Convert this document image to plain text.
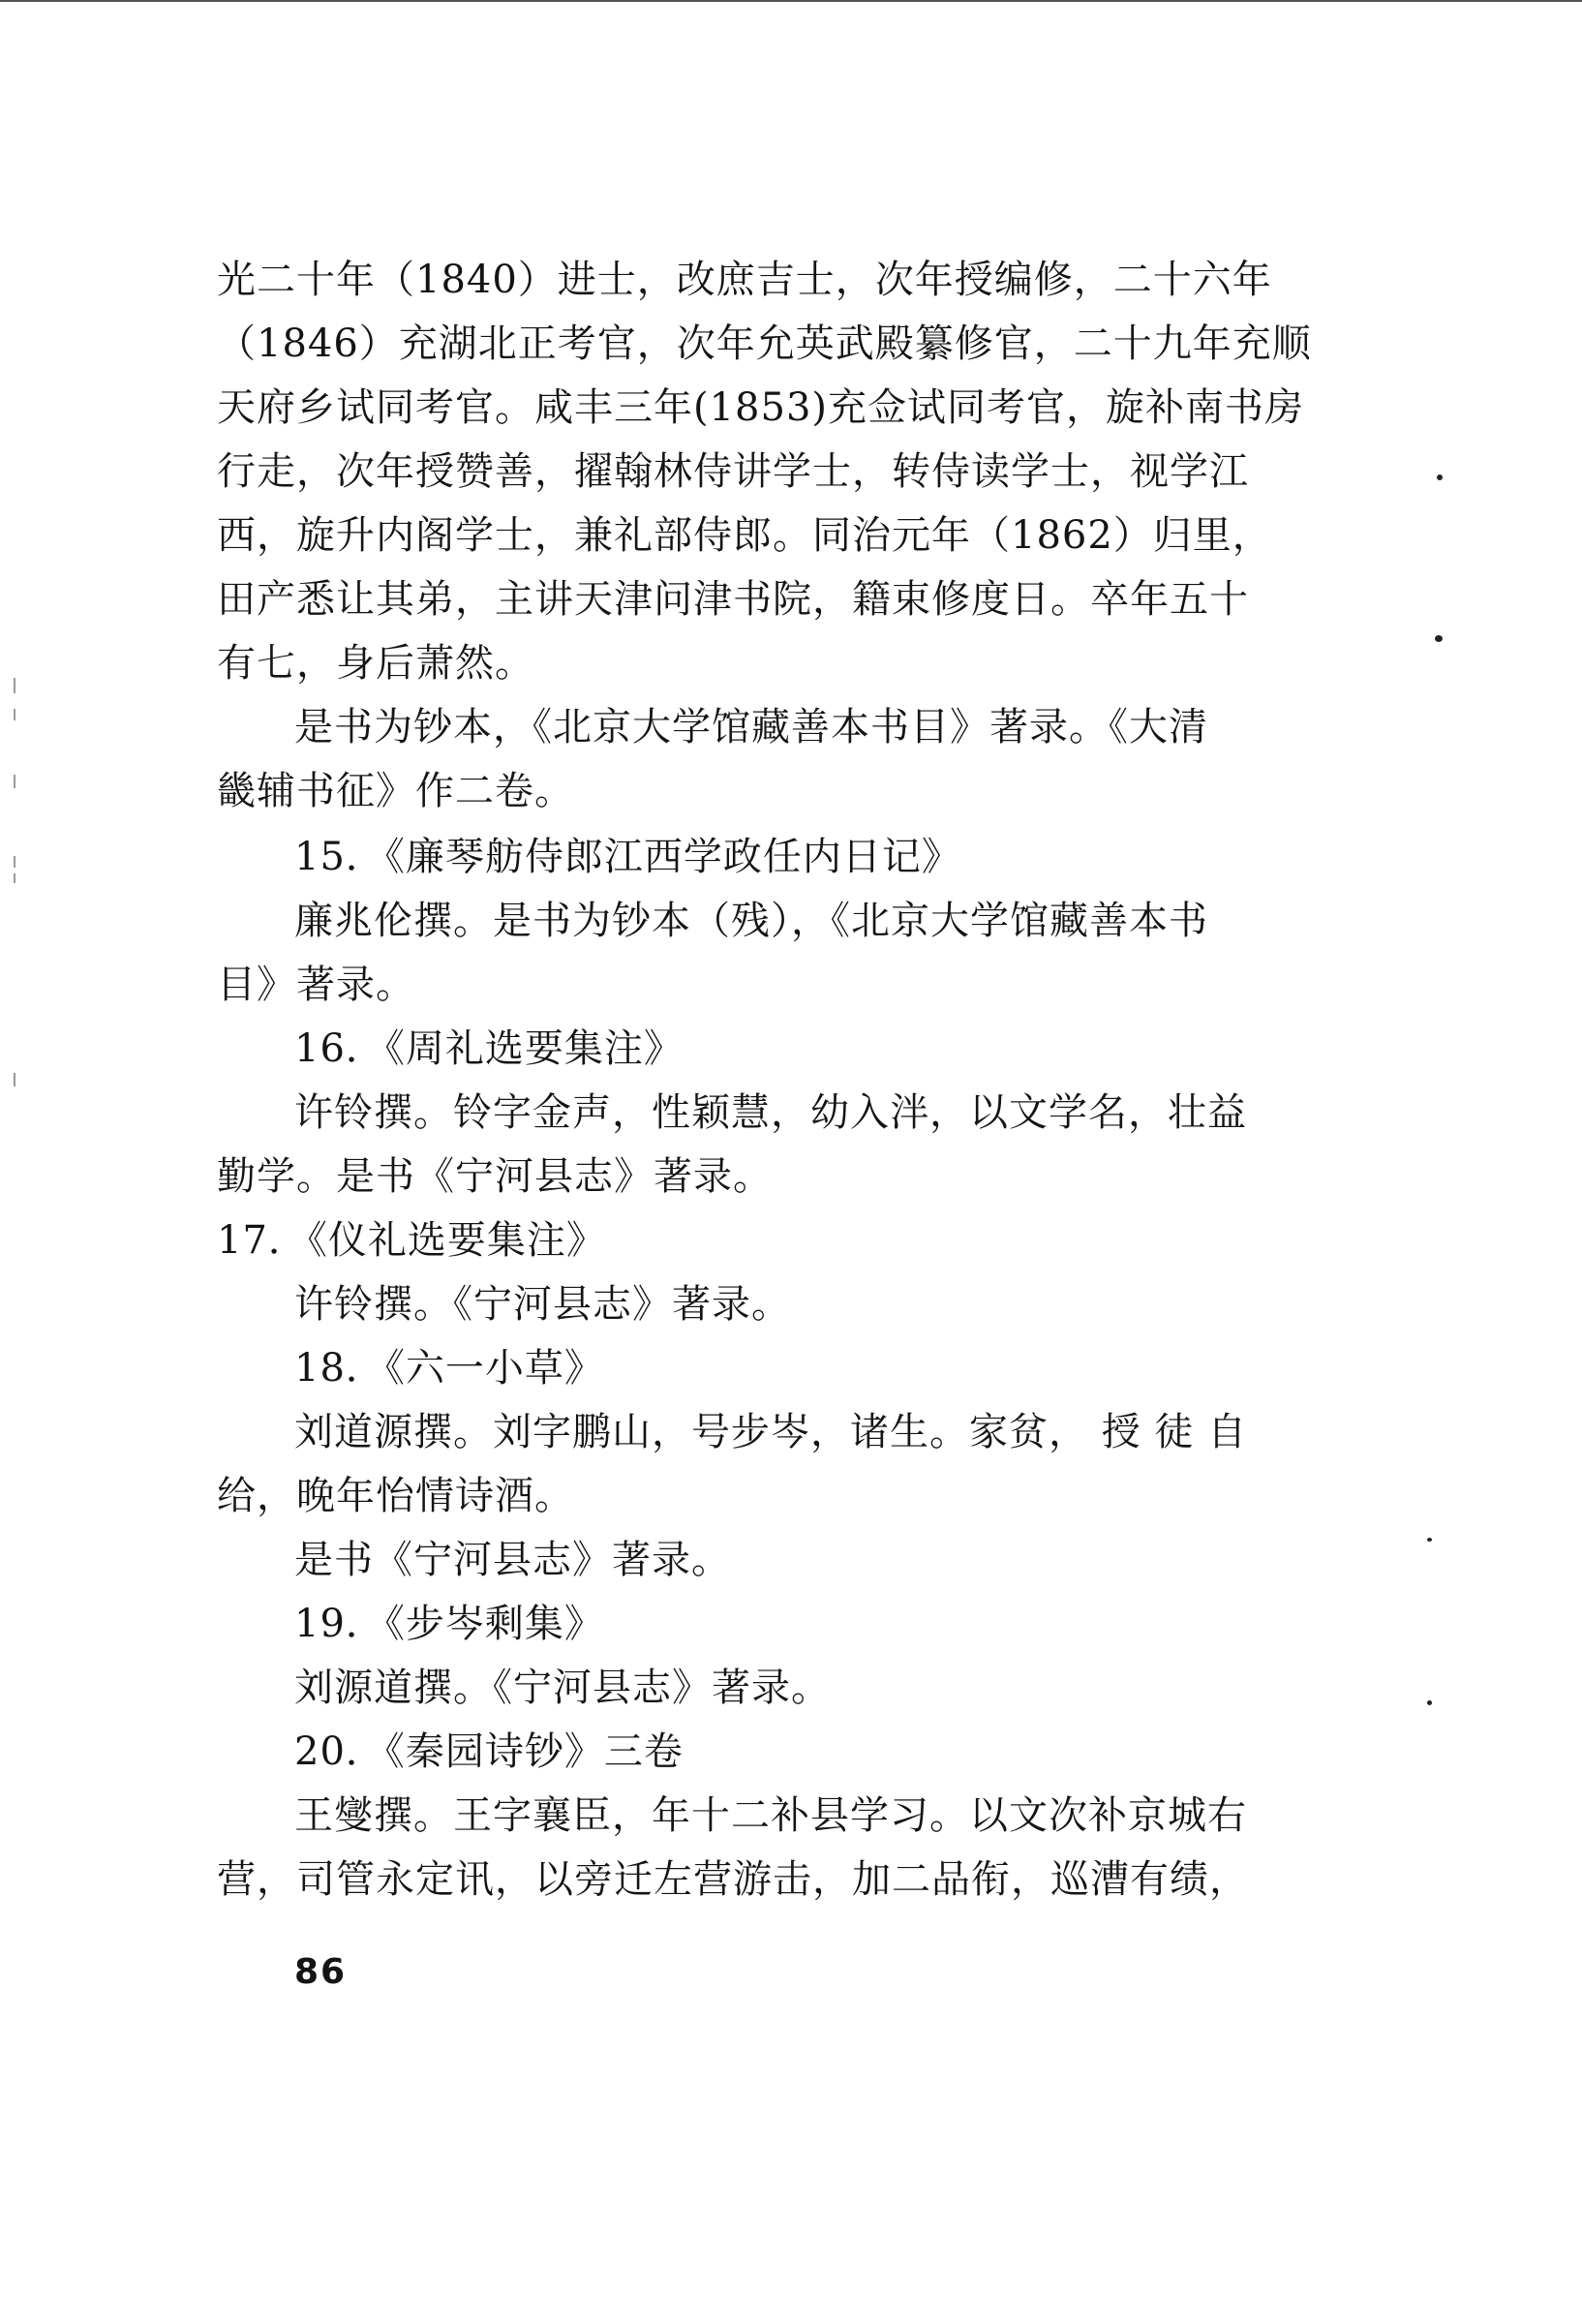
光二十年（1840）进士，改庶吉士，次年授编修，二十六年
（1846）充湖北正考官，次年允英武殿纂修官，二十九年充顺
天府乡试同考官。咸丰三年(1853)充佥试同考官，旋补南书房
行走，次年授赞善，擢翰林侍讲学士，转侍读学士，视学江
西，旋升内阁学士，兼礼部侍郎。同治元年（1862）归里，
田产悉让其弟，主讲天津问津书院，籍束修度日。卒年五十
有七，身后萧然。
是书为钞本，《北京大学馆藏善本书目》著录。《大清
畿辅书征》作二卷。
15．《廉琴舫侍郎江西学政任内日记》
廉兆伦撰。是书为钞本（残），《北京大学馆藏善本书
目》著录。
16．《周礼选要集注》
许铃撰。铃字金声，性颖慧，幼入泮，以文学名，壮益
勤学。是书《宁河县志》著录。
17．《仪礼选要集注》
许铃撰。《宁河县志》著录。
18．《六一小草》
刘道源撰。刘字鹏山，号步岑，诸生。家贫， 授 徒 自
给，晚年怡情诗酒。
是书《宁河县志》著录。
19．《步岑剩集》
刘源道撰。《宁河县志》著录。
20．《秦园诗钞》三卷
王燮撰。王字襄臣，年十二补县学习。以文次补京城右
营，司管永定讯，以旁迁左营游击，加二品衔，巡漕有绩，
86
